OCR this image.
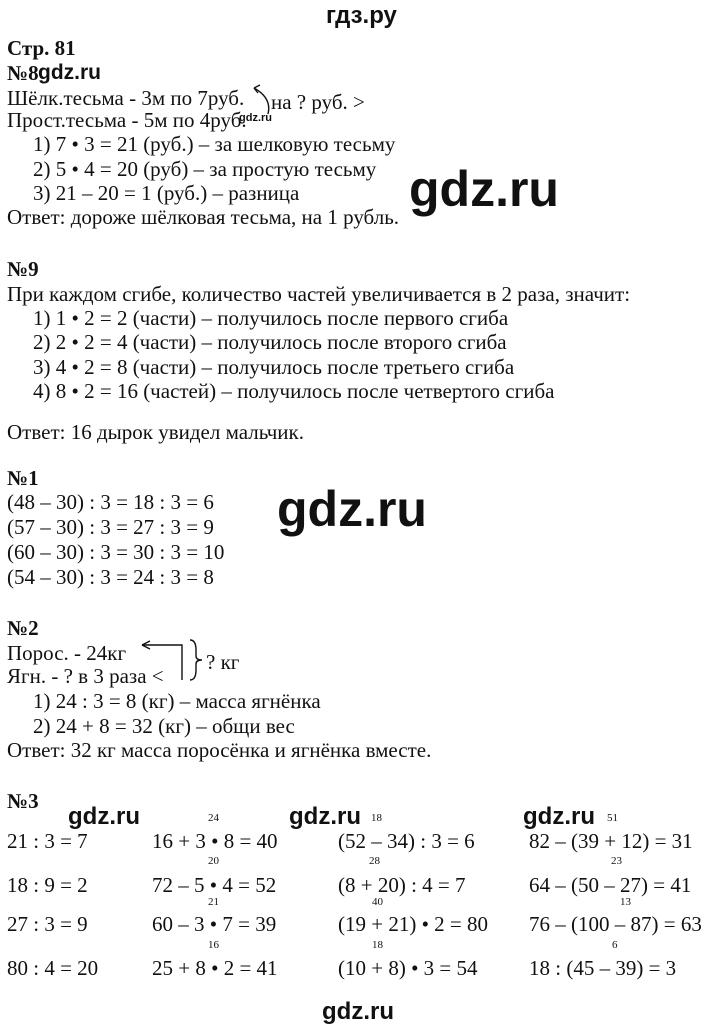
гдз.ру
Стр. 81
№8 gdz.ru
Шёлк.тесьма - 3м по 7руб.
gdz.ru
Прост.тесьма - 5м по 4руб.
на ? руб. >
1) 7 • 3 = 21 (руб.) – за шелковую тесьму
2) 5 • 4 = 20 (руб) – за простую тесьму
3) 21 – 20 = 1 (руб.) – разница
Ответ: дороже шёлковая тесьма, на 1 рубль. gdz.ru
№9
При каждом сгибе, количество частей увеличивается в 2 раза, значит:
1) 1 • 2 = 2 (части) – получилось после первого сгиба
2) 2 • 2 = 4 (части) – получилось после второго сгиба
3) 4 • 2 = 8 (части) – получилось после третьего сгиба
4) 8 • 2 = 16 (частей) – получилось после четвертого сгиба
Ответ: 16 дырок увидел мальчик.
№1
(48 – 30) : 3 = 18 : 3 = 6
(57 – 30) : 3 = 27 : 3 = 9
(60 – 30) : 3 = 30 : 3 = 10
(54 – 30) : 3 = 24 : 3 = 8
gdz.ru
№2
Порос. - 24кг
Ягн. - ? в 3 раза <
? кг
1) 24 : 3 = 8 (кг) – масса ягнёнка
2) 24 + 8 = 32 (кг) – общи вес
Ответ: 32 кг масса поросёнка и ягнёнка вместе.
№3
gdz.ru	gdz.ru	gdz.ru
21 : 3 = 7
18 : 9 = 2
27 : 3 = 9
80 : 4 = 20
24
16 + 3 • 8 = 40
20
72 – 5 • 4 = 52
21
60 – 3 • 7 = 39
16
25 + 8 • 2 = 41
18
(52 – 34) : 3 = 6
28
(8 + 20) : 4 = 7
40
(19 + 21) • 2 = 80
18
(10 + 8) • 3 = 54
51
82 – (39 + 12) = 31
23
64 – (50 – 27) = 41
13
76 – (100 – 87) = 63
6
18 : (45 – 39) = 3
gdz.ru
